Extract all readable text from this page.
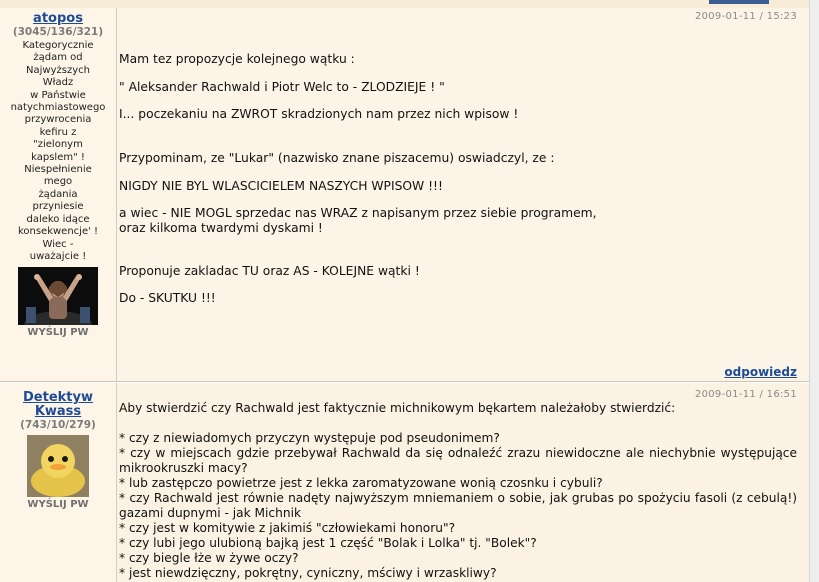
atopos
(3045/136/321)
Kategorycznie
żądam od
Najwyższych
Władz
w Państwie
natychmiastowego
przywrocenia
kefiru z
"zielonym
kapslem" !
Niespełnienie
mego
żądania
przyniesie
daleko idące
konsekwencje' !
Wiec -
uważajcie !
WYŚLIJ PW
2009-01-11 / 15:23

Mam tez propozycje kolejnego wątku :

" Aleksander Rachwald i Piotr Welc to - ZLODZIEJE ! "

I... poczekaniu na ZWROT skradzionych nam przez nich wpisow !

Przypominam, ze "Lukar" (nazwisko znane piszacemu) oswiadczyl, ze :

NIGDY NIE BYL WLASCICIELEM NASZYCH WPISOW !!!

a wiec - NIE MOGL sprzedac nas WRAZ z napisanym przez siebie programem,

oraz kilkoma twardymi dyskami !

Proponuje zakladac TU oraz AS - KOLEJNE wątki !

Do - SKUTKU !!!

odpowiedz
Detektyw
Kwass
(743/10/279)
WYŚLIJ PW
2009-01-11 / 16:51

Aby stwierdzić czy Rachwald jest faktycznie michnikowym bękartem należałoby stwierdzić:

* czy z niewiadomych przyczyn występuje pod pseudonimem?

* czy w miejscach gdzie przebywał Rachwald da się odnaleźć zrazu niewidoczne ale niechybnie występujące mikrookruszki macy?

* lub zastępczo powietrze jest z lekka zaromatyzowane wonią czosnku i cybuli?

* czy Rachwald jest równie nadęty najwyższym mniemaniem o sobie, jak grubas po spożyciu fasoli (z cebulą!) gazami dupnymi - jak Michnik

* czy jest w komitywie z jakimiś "człowiekami honoru"?

* czy lubi jego ulubioną bajką jest 1 część "Bolak i Lolka" tj. "Bolek"?

* czy biegle łże w żywe oczy?

* jest niewdzięczny, pokrętny, cyniczny, mściwy i wrzaskliwy?
